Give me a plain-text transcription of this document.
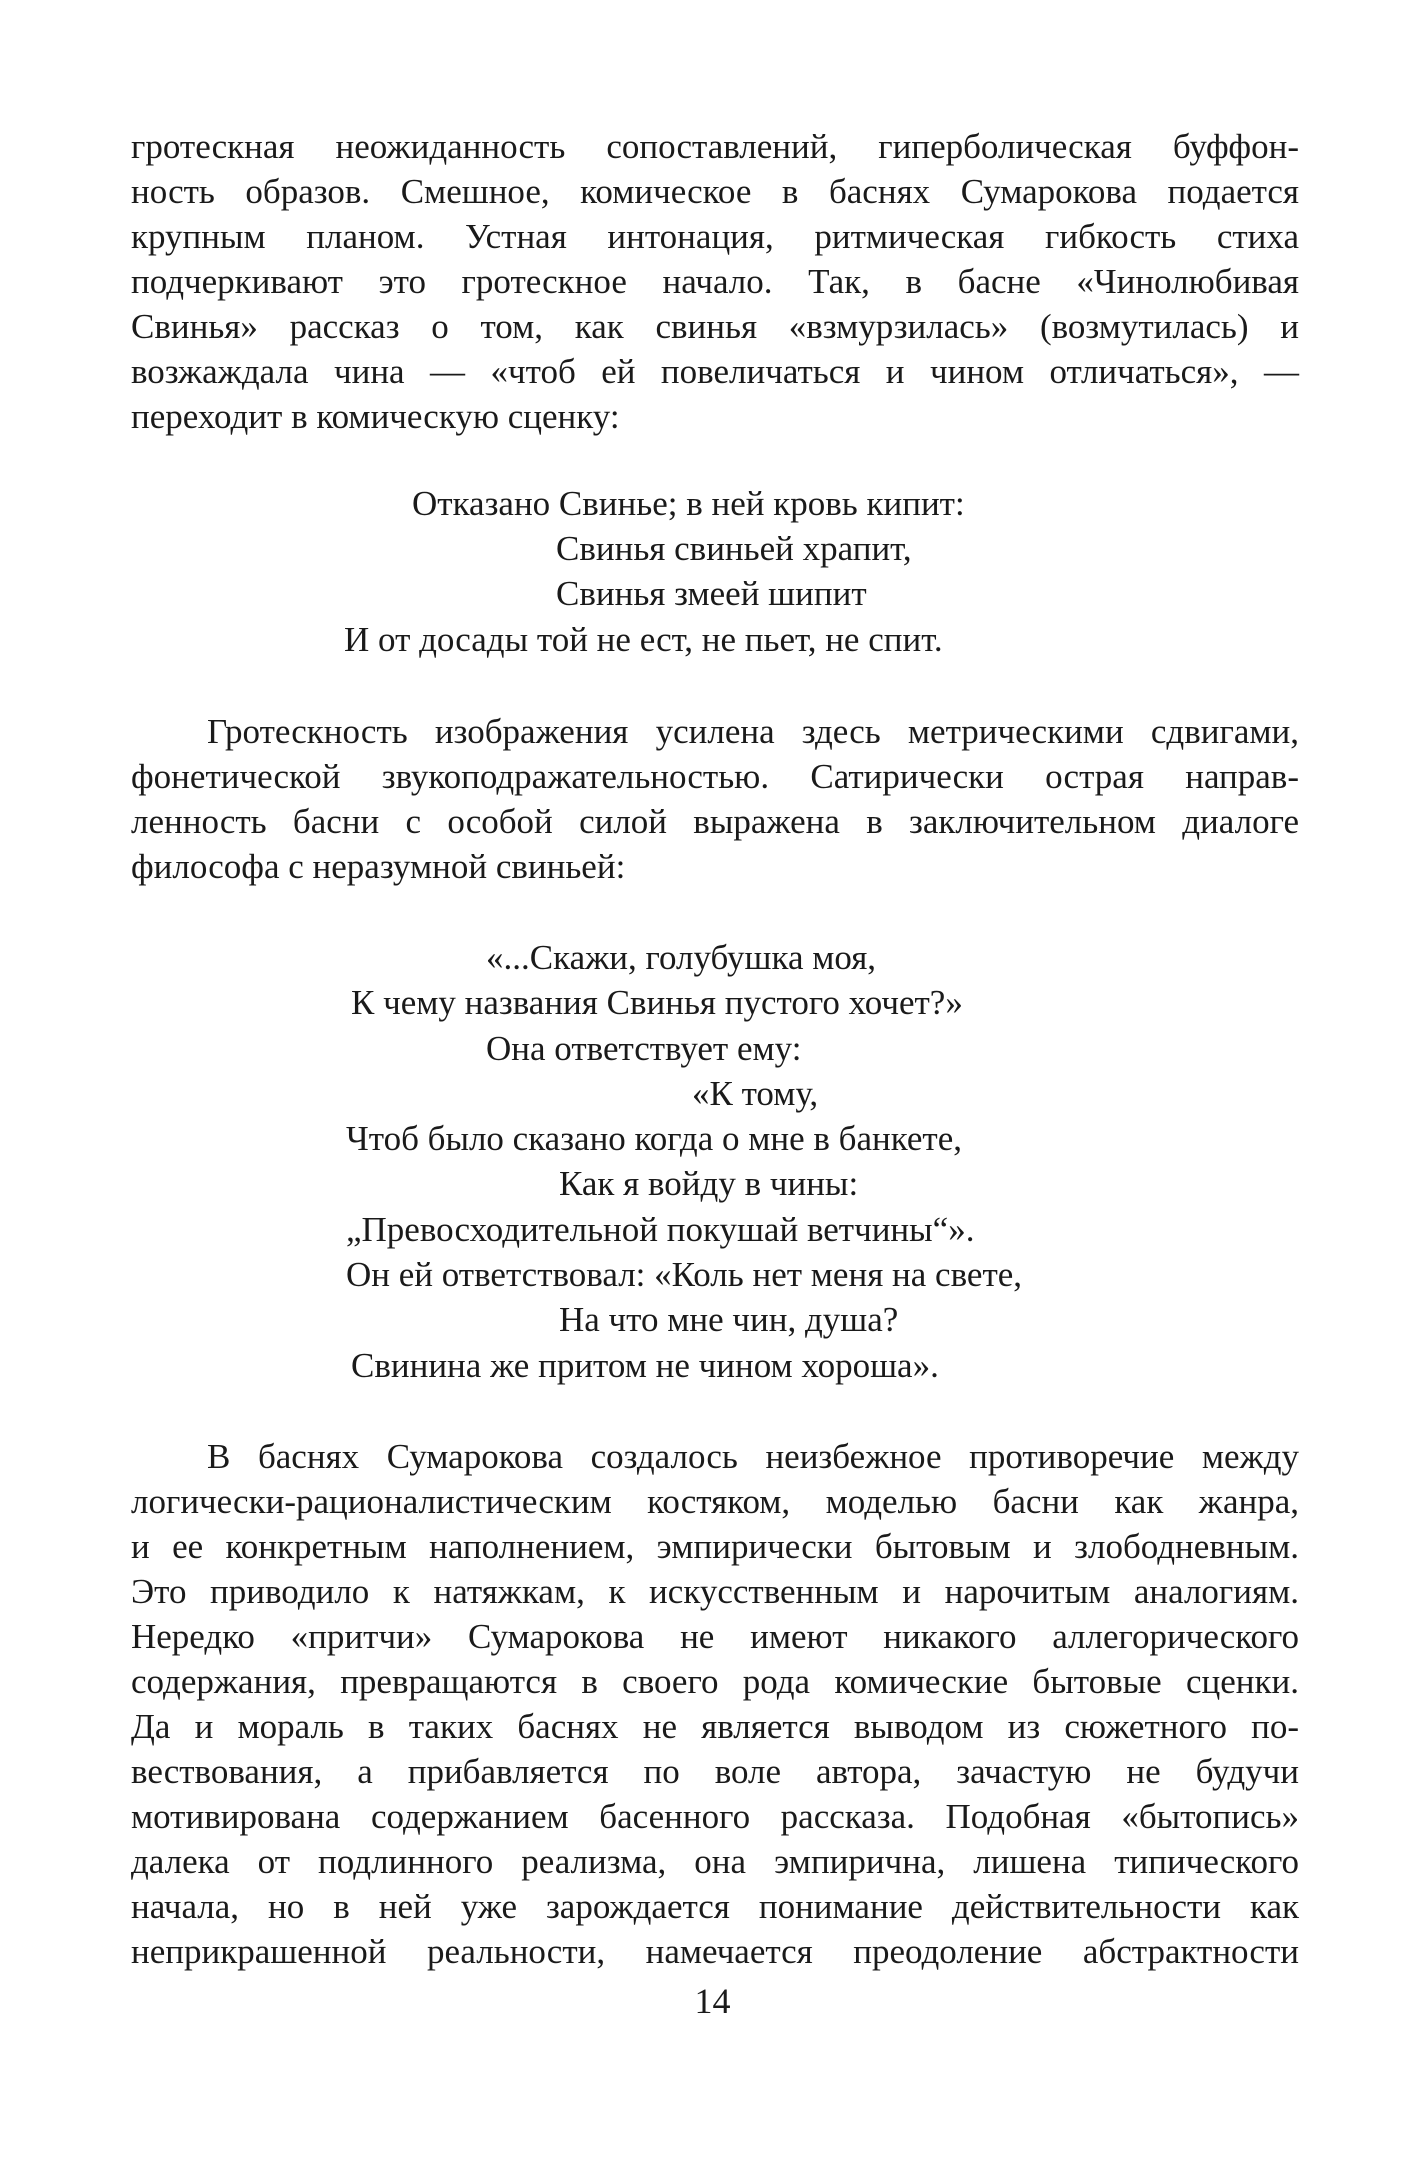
гротескная неожиданность сопоставлений, гиперболическая буффон-
ность образов. Смешное, комическое в баснях Сумарокова подается
крупным планом. Устная интонация, ритмическая гибкость стиха
подчеркивают это гротескное начало. Так, в басне «Чинолюбивая
Свинья» рассказ о том, как свинья «взмурзилась» (возмутилась) и
возжаждала чина — «чтоб ей повеличаться и чином отличаться», —
переходит в комическую сценку:
Отказано Свинье; в ней кровь кипит:
Свинья свиньей храпит,
Свинья змеей шипит
И от досады той не ест, не пьет, не спит.
Гротескность изображения усилена здесь метрическими сдвигами,
фонетической звукоподражательностью. Сатирически острая направ-
ленность басни с особой силой выражена в заключительном диалоге
философа с неразумной свиньей:
«...Скажи, голубушка моя,
К чему названия Свинья пустого хочет?»
Она ответствует ему:
«К тому,
Чтоб было сказано когда о мне в банкете,
Как я войду в чины:
„Превосходительной покушай ветчины“».
Он ей ответствовал: «Коль нет меня на свете,
На что мне чин, душа?
Свинина же притом не чином хороша».
В баснях Сумарокова создалось неизбежное противоречие между
логически-рационалистическим костяком, моделью басни как жанра,
и ее конкретным наполнением, эмпирически бытовым и злободневным.
Это приводило к натяжкам, к искусственным и нарочитым аналогиям.
Нередко «притчи» Сумарокова не имеют никакого аллегорического
содержания, превращаются в своего рода комические бытовые сценки.
Да и мораль в таких баснях не является выводом из сюжетного по-
вествования, а прибавляется по воле автора, зачастую не будучи
мотивирована содержанием басенного рассказа. Подобная «бытопись»
далека от подлинного реализма, она эмпирична, лишена типического
начала, но в ней уже зарождается понимание действительности как
неприкрашенной реальности, намечается преодоление абстрактности
14
